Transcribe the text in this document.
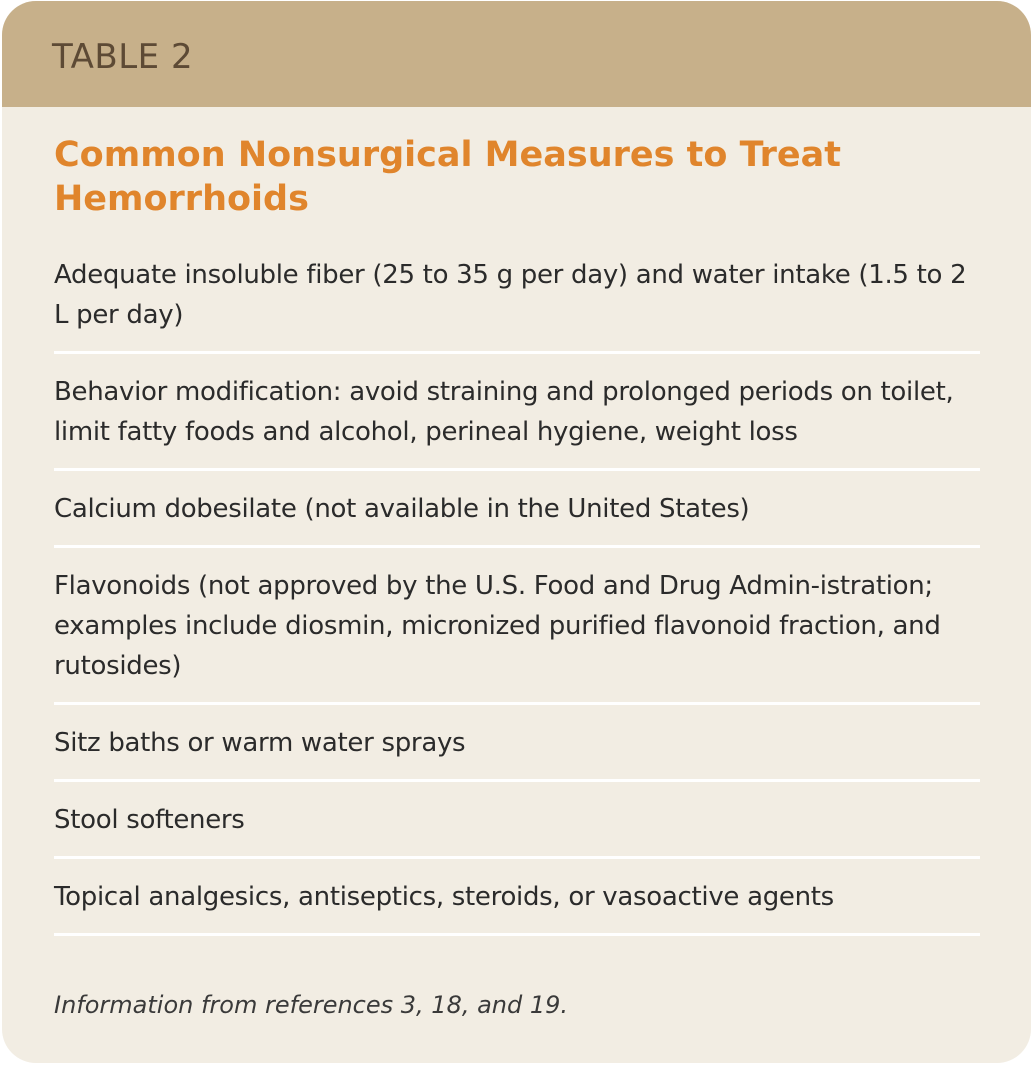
TABLE 2
Common Nonsurgical Measures to Treat Hemorrhoids
Adequate insoluble fiber (25 to 35 g per day) and water intake (1.5 to 2 L per day)
Behavior modification: avoid straining and prolonged periods on toilet, limit fatty foods and alcohol, perineal hygiene, weight loss
Calcium dobesilate (not available in the United States)
Flavonoids (not approved by the U.S. Food and Drug Admin-istration; examples include diosmin, micronized purified flavonoid fraction, and rutosides)
Sitz baths or warm water sprays
Stool softeners
Topical analgesics, antiseptics, steroids, or vasoactive agents
Information from references 3, 18, and 19.
